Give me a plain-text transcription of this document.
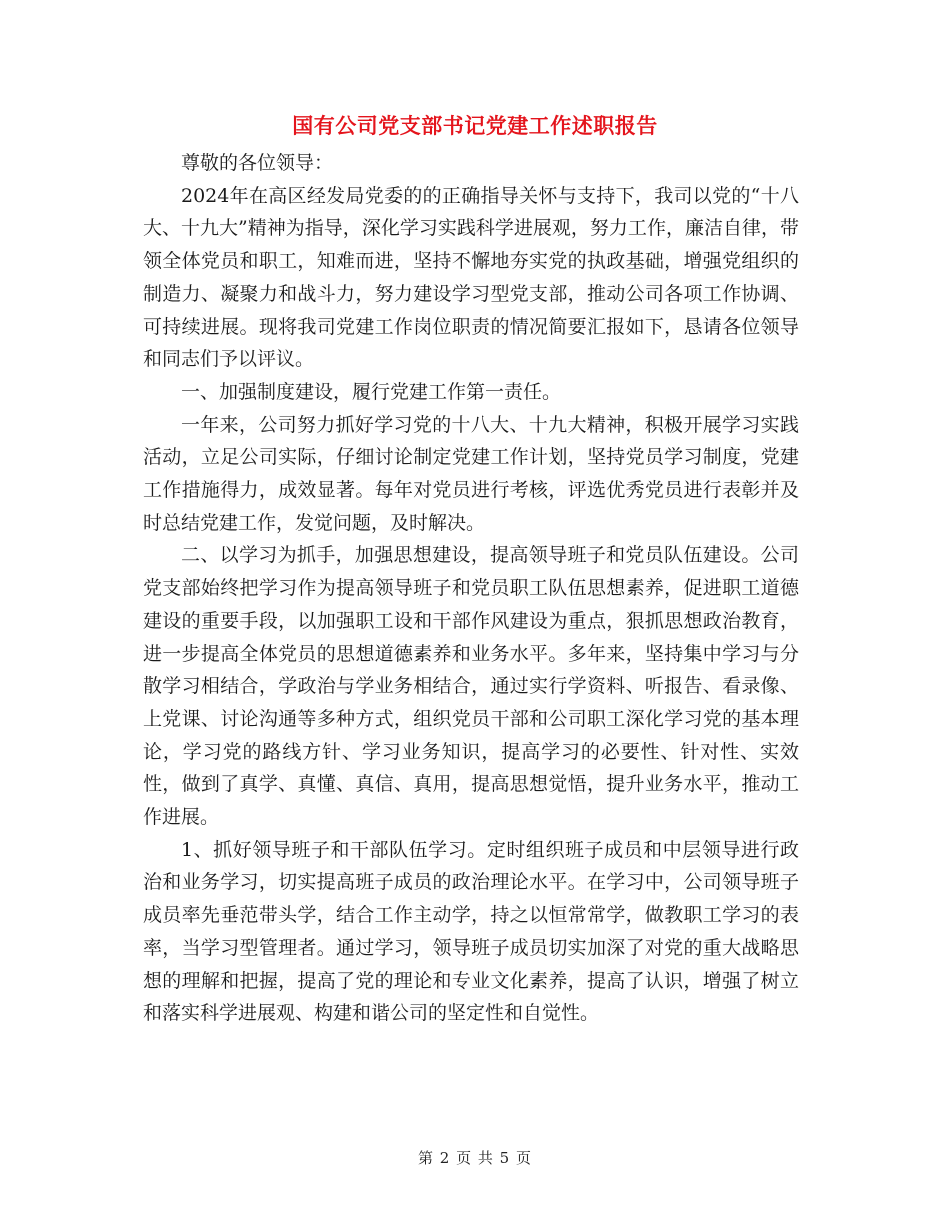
国有公司党支部书记党建工作述职报告

尊敬的各位领导：

2024年在高区经发局党委的的正确指导关怀与支持下，我司以党的“十八大、十九大”精神为指导，深化学习实践科学进展观，努力工作，廉洁自律，带领全体党员和职工，知难而进，坚持不懈地夯实党的执政基础，增强党组织的制造力、凝聚力和战斗力，努力建设学习型党支部，推动公司各项工作协调、可持续进展。现将我司党建工作岗位职责的情况简要汇报如下，恳请各位领导和同志们予以评议。

一、加强制度建设，履行党建工作第一责任。

一年来，公司努力抓好学习党的十八大、十九大精神，积极开展学习实践活动，立足公司实际，仔细讨论制定党建工作计划，坚持党员学习制度，党建工作措施得力，成效显著。每年对党员进行考核，评选优秀党员进行表彰并及时总结党建工作，发觉问题，及时解决。

二、以学习为抓手，加强思想建设，提高领导班子和党员队伍建设。公司党支部始终把学习作为提高领导班子和党员职工队伍思想素养，促进职工道德建设的重要手段，以加强职工设和干部作风建设为重点，狠抓思想政治教育，进一步提高全体党员的思想道德素养和业务水平。多年来，坚持集中学习与分散学习相结合，学政治与学业务相结合，通过实行学资料、听报告、看录像、上党课、讨论沟通等多种方式，组织党员干部和公司职工深化学习党的基本理论，学习党的路线方针、学习业务知识，提高学习的必要性、针对性、实效性，做到了真学、真懂、真信、真用，提高思想觉悟，提升业务水平，推动工作进展。

1、抓好领导班子和干部队伍学习。定时组织班子成员和中层领导进行政治和业务学习，切实提高班子成员的政治理论水平。在学习中，公司领导班子成员率先垂范带头学，结合工作主动学，持之以恒常常学，做教职工学习的表率，当学习型管理者。通过学习，领导班子成员切实加深了对党的重大战略思想的理解和把握，提高了党的理论和专业文化素养，提高了认识，增强了树立和落实科学进展观、构建和谐公司的坚定性和自觉性。

第 2 页 共 5 页
